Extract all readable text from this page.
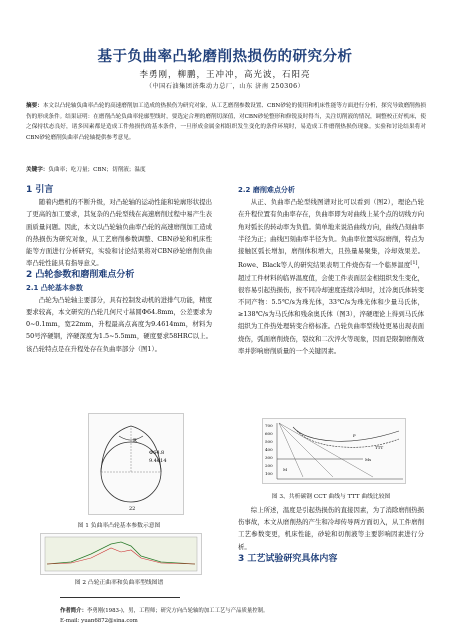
基于负曲率凸轮磨削热损伤的研究分析
李勇刚，柳鹏，王冲冲，高光波，石阳亮
（中国石油集团济柴动力总厂，山东 济南 250306）
摘要：本文以凸轮轴负曲率凸轮的高速磨削加工造成的热损伤为研究对象，从工艺磨削参数设置、CBN砂轮的使用和机床性能等方面进行分析，探究导致磨削热损伤的形成条件。结果证明：在磨削凸轮负曲率轮廓型线时，要选定合理的磨削切深值，对CBN砂轮整形和修锐及时得当，关注切削液的情况，调整校正好机床，使之保持状态良好，诸多因素都是造成工件热损伤的基本条件，一旦形成金属金相组织发生变化的条件环境时，易造成工件磨削热损伤现象。实验和讨论结果将对CBN砂轮磨削负曲率凸轮轴提供参考意见。
关键字：负曲率；吃刀量；CBN；切削液；温度
1 引言

随着内燃机的不断升级，对凸轮轴的运动性能和轮廓形状提出了更高的加工要求，其复杂的凸轮型线在高速磨削过程中易产生表面质量问题。因此，本文以凸轮轴负曲率凸轮的高速磨削加工造成的热损伤为研究对象，从工艺磨削参数调整、CBN砂轮和机床性能等方面进行分析研究，实验和讨论结果将对CBN砂轮磨削负曲率凸轮性能具有指导意义。

2 凸轮参数和磨削难点分析
2.1 凸轮基本参数

凸轮为凸轮轴主要部分，具有控制发动机的进排气功能，精度要求较高，本文研究的凸轮几何尺寸基圆Φ64.8mm，公差要求为0~0.1mm，宽22mm，升程最高点高度为9.4614mm，材料为50号淬硬钢，淬硬深度为1.5~5.5mm，硬度要求58HRC以上。该凸轮特点是在升程处存在负曲率部分（图1）。

Φ64.8
9.4614
22
R
图 1 负曲率凸轮基本参数示意图
图 2 凸轮正曲率和负曲率型线图谱
2.2 磨削难点分析

从正、负曲率凸轮型线图谱对比可以看到（图2），理论凸轮在升程位置有负曲率存在，负曲率即为对曲线上某个点的切线方向角对弧长的转动率为负值。简单地来说沿曲线方向，曲线凸刻曲率半径为正；曲线凹刻曲率半径为负。负曲率位置实际磨削，特点为接触区弧长增加，磨削体积增大，且热量易聚集，冷却效果差。Rowe、Black等人的研究结果表明工件烧伤有一个临界温度[1]，超过工件材料的临界温度值，会使工件表面层金相组织发生变化，很容易引起热损伤，按不同冷却速度连续冷却时，过冷奥氏体转变不同产物：5.5℃/s为珠光体，33℃/s为珠光体和少量马氏体，≥138℃/s为马氏体和残余奥氏体（图3），淬硬理论上得到马氏体组织为工件热处理转变合格标准。凸轮负曲率型线处更易出现表面烧伤，弧面磨削烧伤，裂纹和二次淬火等现象，因而是限制磨削效率并影响磨削质量的一个关键因素。

700
600
500
400
300
200
100
Ms
M
P
TTT
图 3、共析碳钢 CCT 曲线与 TTT 曲线比较图

综上所述，温度是引起热损伤的直接因素，为了消除磨削热损伤事故，本文从磨削热的产生和冷却传导两方面切入，从工件磨削工艺参数变更，机床性能，砂轮和切削液等主要影响因素进行分析。

3 工艺试验研究具体内容
作者简介：李勇刚(1983-)，男，工程师；研究方向凸轮轴的加工工艺与产品质量控制。
E-mail: yuan6872@sina.com
